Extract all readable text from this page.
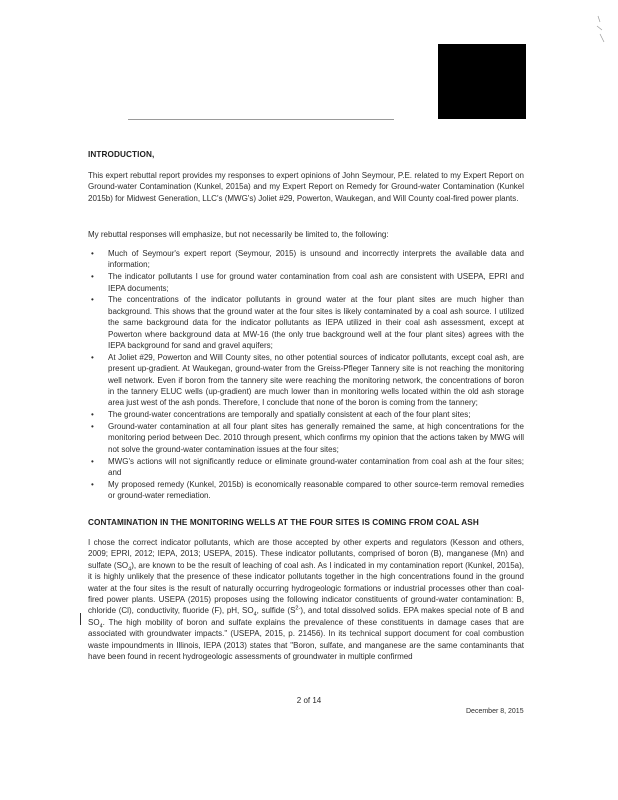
INTRODUCTION,
This expert rebuttal report provides my responses to expert opinions of John Seymour, P.E. related to my Expert Report on Ground-water Contamination (Kunkel, 2015a) and my Expert Report on Remedy for Ground-water Contamination (Kunkel 2015b) for Midwest Generation, LLC's (MWG's) Joliet #29, Powerton, Waukegan, and Will County coal-fired power plants.
My rebuttal responses will emphasize, but not necessarily be limited to, the following:
• Much of Seymour's expert report (Seymour, 2015) is unsound and incorrectly interprets the available data and information;
• The indicator pollutants I use for ground water contamination from coal ash are consistent with USEPA, EPRI and IEPA documents;
• The concentrations of the indicator pollutants in ground water at the four plant sites are much higher than background. This shows that the ground water at the four sites is likely contaminated by a coal ash source. I utilized the same background data for the indicator pollutants as IEPA utilized in their coal ash assessment, except at Powerton where background data at MW-16 (the only true background well at the four plant sites) agrees with the IEPA background for sand and gravel aquifers;
• At Joliet #29, Powerton and Will County sites, no other potential sources of indicator pollutants, except coal ash, are present up-gradient. At Waukegan, ground-water from the Greiss-Pfleger Tannery site is not reaching the monitoring well network. Even if boron from the tannery site were reaching the monitoring network, the concentrations of boron in the tannery ELUC wells (up-gradient) are much lower than in monitoring wells located within the old ash storage area just west of the ash ponds. Therefore, I conclude that none of the boron is coming from the tannery;
• The ground-water concentrations are temporally and spatially consistent at each of the four plant sites;
• Ground-water contamination at all four plant sites has generally remained the same, at high concentrations for the monitoring period between Dec. 2010 through present, which confirms my opinion that the actions taken by MWG will not solve the ground-water contamination issues at the four sites;
• MWG's actions will not significantly reduce or eliminate ground-water contamination from coal ash at the four sites; and
• My proposed remedy (Kunkel, 2015b) is economically reasonable compared to other source-term removal remedies or ground-water remediation.
CONTAMINATION IN THE MONITORING WELLS AT THE FOUR SITES IS COMING FROM COAL ASH
I chose the correct indicator pollutants, which are those accepted by other experts and regulators (Kesson and others, 2009; EPRI, 2012; IEPA, 2013; USEPA, 2015). These indicator pollutants, comprised of boron (B), manganese (Mn) and sulfate $(SO_4)$, are known to be the result of leaching of coal ash. As I indicated in my contamination report (Kunkel, 2015a), it is highly unlikely that the presence of these indicator pollutants together in the high concentrations found in the ground water at the four sites is the result of naturally occurring hydrogeologic formations or industrial processes other than coal-fired power plants. USEPA (2015) proposes using the following indicator constituents of ground-water contamination: B, chloride (Cl), conductivity, fluoride (F), pH, $SO_4$, sulfide $(S^{2-})$, and total dissolved solids. EPA makes special note of B and $SO_4$. The high mobility of boron and sulfate explains the prevalence of these constituents in damage cases that are associated with groundwater impacts." (USEPA, 2015, p. 21456). In its technical support document for coal combustion waste impoundments in Illinois, IEPA (2013) states that "Boron, sulfate, and manganese are the same contaminants that have been found in recent hydrogeologic assessments of groundwater in multiple confirmed
2 of 14
December 8, 2015
